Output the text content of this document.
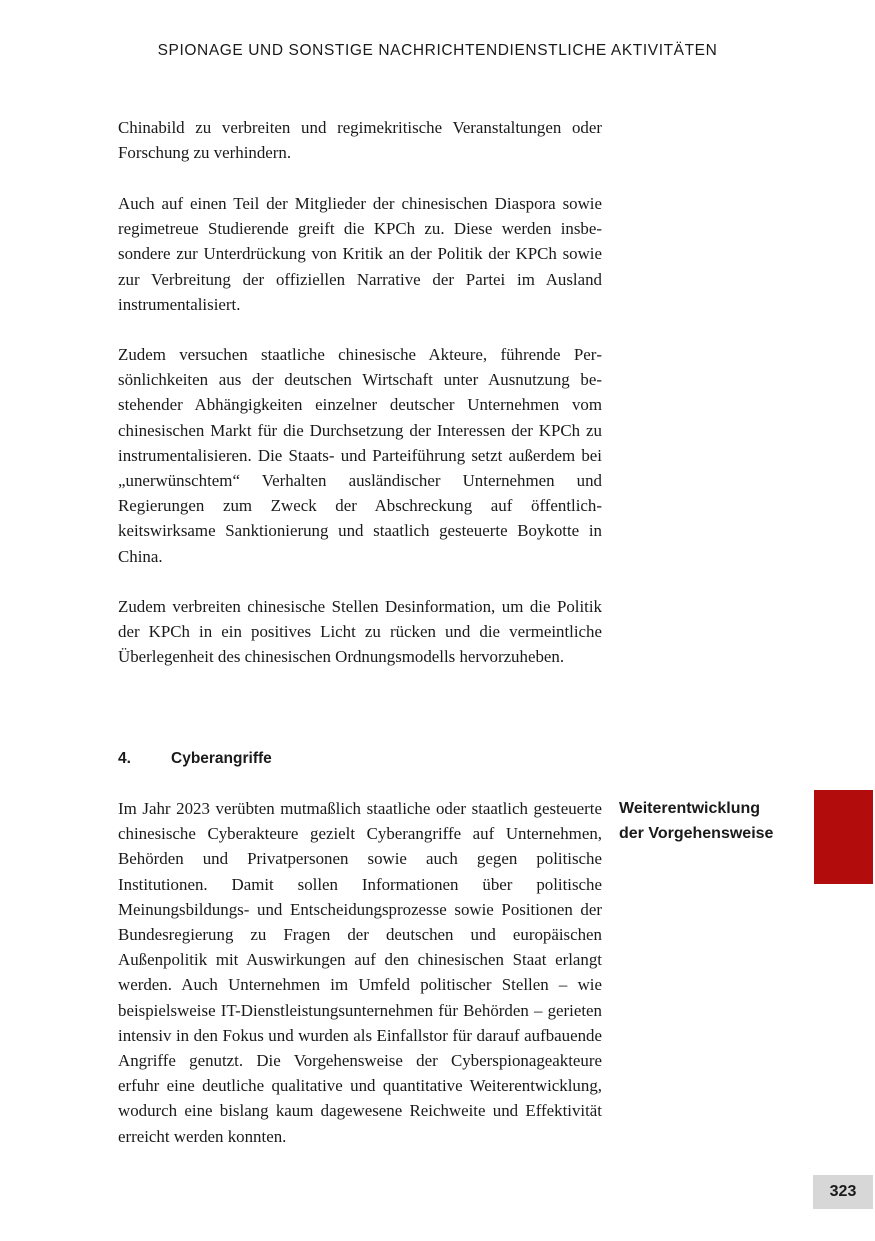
SPIONAGE UND SONSTIGE NACHRICHTENDIENSTLICHE AKTIVITÄTEN

Chinabild zu verbreiten und regimekritische Veranstaltungen oder Forschung zu verhindern.

Auch auf einen Teil der Mitglieder der chinesischen Diaspora sowie regimetreue Studierende greift die KPCh zu. Diese werden insbesondere zur Unterdrückung von Kritik an der Politik der KPCh sowie zur Verbreitung der offiziellen Narrative der Partei im Ausland instrumentalisiert.

Zudem versuchen staatliche chinesische Akteure, führende Persönlichkeiten aus der deutschen Wirtschaft unter Ausnutzung bestehender Abhängigkeiten einzelner deutscher Unternehmen vom chinesischen Markt für die Durchsetzung der Interessen der KPCh zu instrumentalisieren. Die Staats- und Parteiführung setzt außerdem bei „unerwünschtem“ Verhalten ausländischer Unternehmen und Regierungen zum Zweck der Abschreckung auf öffentlichkeitswirksame Sanktionierung und staatlich gesteuerte Boykotte in China.

Zudem verbreiten chinesische Stellen Desinformation, um die Politik der KPCh in ein positives Licht zu rücken und die vermeintliche Überlegenheit des chinesischen Ordnungsmodells hervorzuheben.

Im Jahr 2023 verübten mutmaßlich staatliche oder staatlich gesteuerte chinesische Cyberakteure gezielt Cyberangriffe auf Unternehmen, Behörden und Privatpersonen sowie auch gegen politische Institutionen. Damit sollen Informationen über politische Meinungsbildungs- und Entscheidungsprozesse sowie Positionen der Bundesregierung zu Fragen der deutschen und europäischen Außenpolitik mit Auswirkungen auf den chinesischen Staat erlangt werden. Auch Unternehmen im Umfeld politischer Stellen – wie beispielsweise IT-Dienstleistungsunternehmen für Behörden – gerieten intensiv in den Fokus und wurden als Einfallstor für darauf aufbauende Angriffe genutzt. Die Vorgehensweise der Cyberspionageakteure erfuhr eine deutliche qualitative und quantitative Weiterentwicklung, wodurch eine bislang kaum dagewesene Reichweite und Effektivität erreicht werden konnten.

4.	Cyberangriffe
Weiterentwicklung
der Vorgehensweise
323
